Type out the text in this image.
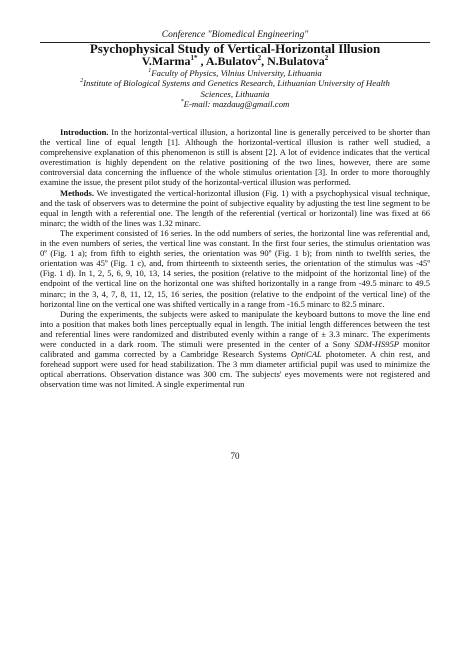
Conference "Biomedical Engineering"
Psychophysical Study of Vertical-Horizontal Illusion
V.Marma$^{1*}$ , A.Bulatov$^2$, N.Bulatova$^2$
$^1$Faculty of Physics, Vilnius University, Lithuania
$^2$Institute of Biological Systems and Genetics Research, Lithuanian University of Health Sciences, Lithuania
*E-mail: mazdaug@gmail.com

Introduction. In the horizontal-vertical illusion, a horizontal line is generally perceived to be shorter than the vertical line of equal length [1]. Although the horizontal-vertical illusion is rather well studied, a comprehensive explanation of this phenomenon is still is absent [2]. A lot of evidence indicates that the vertical overestimation is highly dependent on the relative positioning of the two lines, however, there are some controversial data concerning the influence of the whole stimulus orientation [3]. In order to more thoroughly examine the issue, the present pilot study of the horizontal-vertical illusion was performed.

Methods. We investigated the vertical-horizontal illusion (Fig. 1) with a psychophysical visual technique, and the task of observers was to determine the point of subjective equality by adjusting the test line segment to be equal in length with a referential one. The length of the referential (vertical or horizontal) line was fixed at 66 minarc; the width of the lines was 1.32 minarc.

The experiment consisted of 16 series. In the odd numbers of series, the horizontal line was referential and, in the even numbers of series, the vertical line was constant. In the first four series, the stimulus orientation was 0º (Fig. 1 a); from fifth to eighth series, the orientation was 90º (Fig. 1 b); from ninth to twelfth series, the orientation was 45º (Fig. 1 c), and, from thirteenth to sixteenth series, the orientation of the stimulus was -45º (Fig. 1 d). In 1, 2, 5, 6, 9, 10, 13, 14 series, the position (relative to the midpoint of the horizontal line) of the endpoint of the vertical line on the horizontal one was shifted horizontally in a range from -49.5 minarc to 49.5 minarc; in the 3, 4, 7, 8, 11, 12, 15, 16 series, the position (relative to the endpoint of the vertical line) of the horizontal line on the vertical one was shifted vertically in a range from -16.5 minarc to 82.5 minarc.

During the experiments, the subjects were asked to manipulate the keyboard buttons to move the line end into a position that makes both lines perceptually equal in length. The initial length differences between the test and referential lines were randomized and distributed evenly within a range of ± 3.3 minarc. The experiments were conducted in a dark room. The stimuli were presented in the center of a Sony SDM-HS95P monitor calibrated and gamma corrected by a Cambridge Research Systems OptiCAL photometer. A chin rest, and forehead support were used for head stabilization. The 3 mm diameter artificial pupil was used to minimize the optical aberrations. Observation distance was 300 cm. The subjects' eyes movements were not registered and observation time was not limited. A single experimental run

70
